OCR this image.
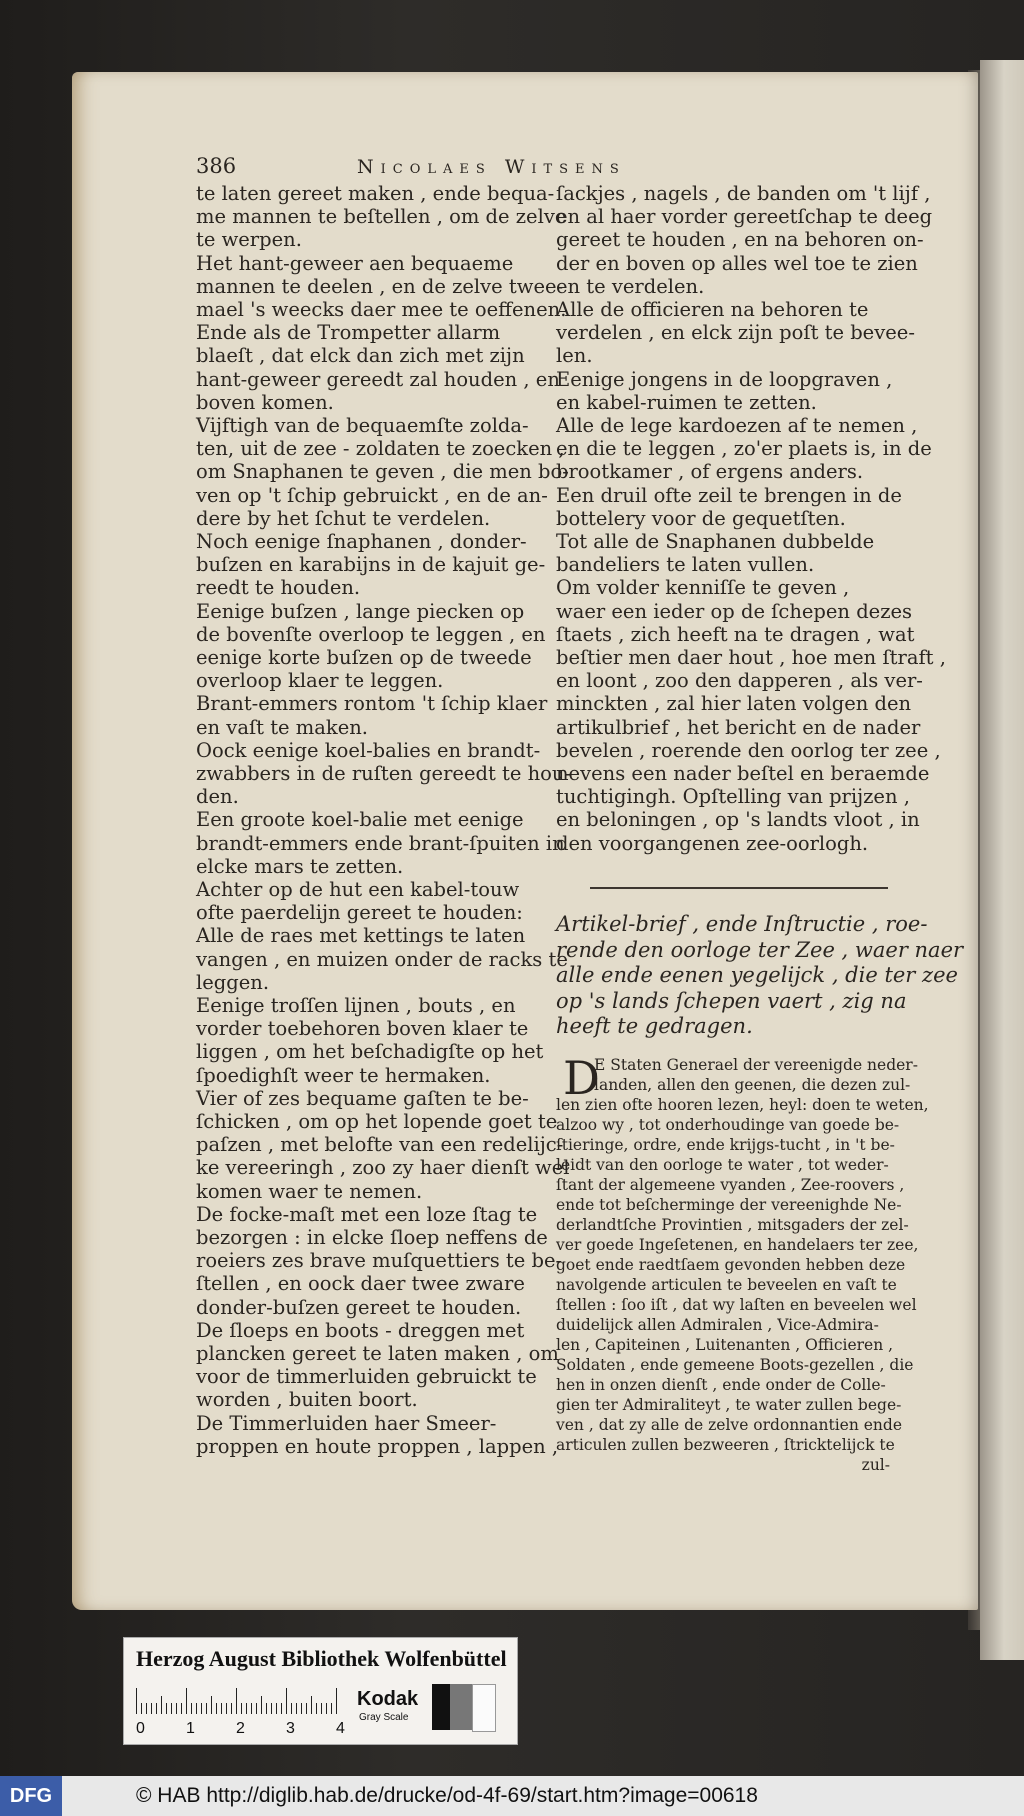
386	Nicolaes Witsens
te laten gereet maken , ende bequa-
me mannen te beſtellen , om de zelve
te werpen.
Het hant-geweer aen bequaeme
mannen te deelen , en de zelve twee-
mael 's weecks daer mee te oeffenen.
Ende als de Trompetter allarm
blaeſt , dat elck dan zich met zijn
hant-geweer gereedt zal houden , en
boven komen.
Vijftigh van de bequaemſte zolda-
ten, uit de zee - zoldaten te zoecken ,
om Snaphanen te geven , die men bo-
ven op 't ſchip gebruickt , en de an-
dere by het ſchut te verdelen.
Noch eenige ſnaphanen , donder-
buſzen en karabijns in de kajuit ge-
reedt te houden.
Eenige buſzen , lange piecken op
de bovenſte overloop te leggen , en
eenige korte buſzen op de tweede
overloop klaer te leggen.
Brant-emmers rontom 't ſchip klaer
en vaſt te maken.
Oock eenige koel-balies en brandt-
zwabbers in de ruſten gereedt te hou-
den.
Een groote koel-balie met eenige
brandt-emmers ende brant-ſpuiten in
elcke mars te zetten.
Achter op de hut een kabel-touw
ofte paerdelijn gereet te houden:
Alle de raes met kettings te laten
vangen , en muizen onder de racks te
leggen.
Eenige troſſen lijnen , bouts , en
vorder toebehoren boven klaer te
liggen , om het beſchadigſte op het
ſpoedighſt weer te hermaken.
Vier of zes bequame gaſten te be-
ſchicken , om op het lopende goet te
paſzen , met belofte van een redelijc-
ke vereeringh , zoo zy haer dienſt wel
komen waer te nemen.
De focke-maſt met een loze ſtag te
bezorgen : in elcke ſloep neffens de
roeiers zes brave muſquettiers te be-
ſtellen , en oock daer twee zware
donder-buſzen gereet te houden.
De ſloeps en boots - dreggen met
plancken gereet te laten maken , om
voor de timmerluiden gebruickt te
worden , buiten boort.
De Timmerluiden haer Smeer-
proppen en houte proppen , lappen ,
ſackjes , nagels , de banden om 't lijf ,
en al haer vorder gereetſchap te deeg
gereet te houden , en na behoren on-
der en boven op alles wel toe te zien
en te verdelen.
Alle de officieren na behoren te
verdelen , en elck zijn poſt te bevee-
len.
Eenige jongens in de loopgraven ,
en kabel-ruimen te zetten.
Alle de lege kardoezen af te nemen ,
en die te leggen , zo'er plaets is, in de
brootkamer , of ergens anders.
Een druil ofte zeil te brengen in de
bottelery voor de gequetſten.
Tot alle de Snaphanen dubbelde
bandeliers te laten vullen.
Om volder kenniſſe te geven ,
waer een ieder op de ſchepen dezes
ſtaets , zich heeft na te dragen , wat
beſtier men daer hout , hoe men ſtraft ,
en loont , zoo den dapperen , als ver-
minckten , zal hier laten volgen den
artikulbrief , het bericht en de nader
bevelen , roerende den oorlog ter zee ,
nevens een nader beſtel en beraemde
tuchtigingh. Opſtelling van prijzen ,
en beloningen , op 's landts vloot , in
den voorgangenen zee-oorlogh.
Artikel-brief , ende Inſtructie , roe-
rende den oorloge ter Zee , waer naer
alle ende eenen yegelijck , die ter zee
op 's lands ſchepen vaert , zig na
heeft te gedragen.
D
E Staten Generael der vereenigde neder-
landen, allen den geenen, die dezen zul-
len zien ofte hooren lezen, heyl: doen te weten,
alzoo wy , tot onderhoudinge van goede be-
ſtieringe, ordre, ende krijgs-tucht , in 't be-
leidt van den oorloge te water , tot weder-
ſtant der algemeene vyanden , Zee-roovers ,
ende tot beſcherminge der vereenighde Ne-
derlandtſche Provintien , mitsgaders der zel-
ver goede Ingeſetenen, en handelaers ter zee,
goet ende raedtſaem gevonden hebben deze
navolgende articulen te beveelen en vaſt te
ſtellen : ſoo iſt , dat wy laſten en beveelen wel
duidelijck allen Admiralen , Vice-Admira-
len , Capiteinen , Luitenanten , Officieren ,
Soldaten , ende gemeene Boots-gezellen , die
hen in onzen dienſt , ende onder de Colle-
gien ter Admiraliteyt , te water zullen bege-
ven , dat zy alle de zelve ordonnantien ende
articulen zullen bezweeren , ſtricktelijck te
zul-
Herzog August Bibliothek Wolfenbüttel
0	1	2	3	4
Kodak
Gray Scale
DFG	© HAB http://diglib.hab.de/drucke/od-4f-69/start.htm?image=00618
